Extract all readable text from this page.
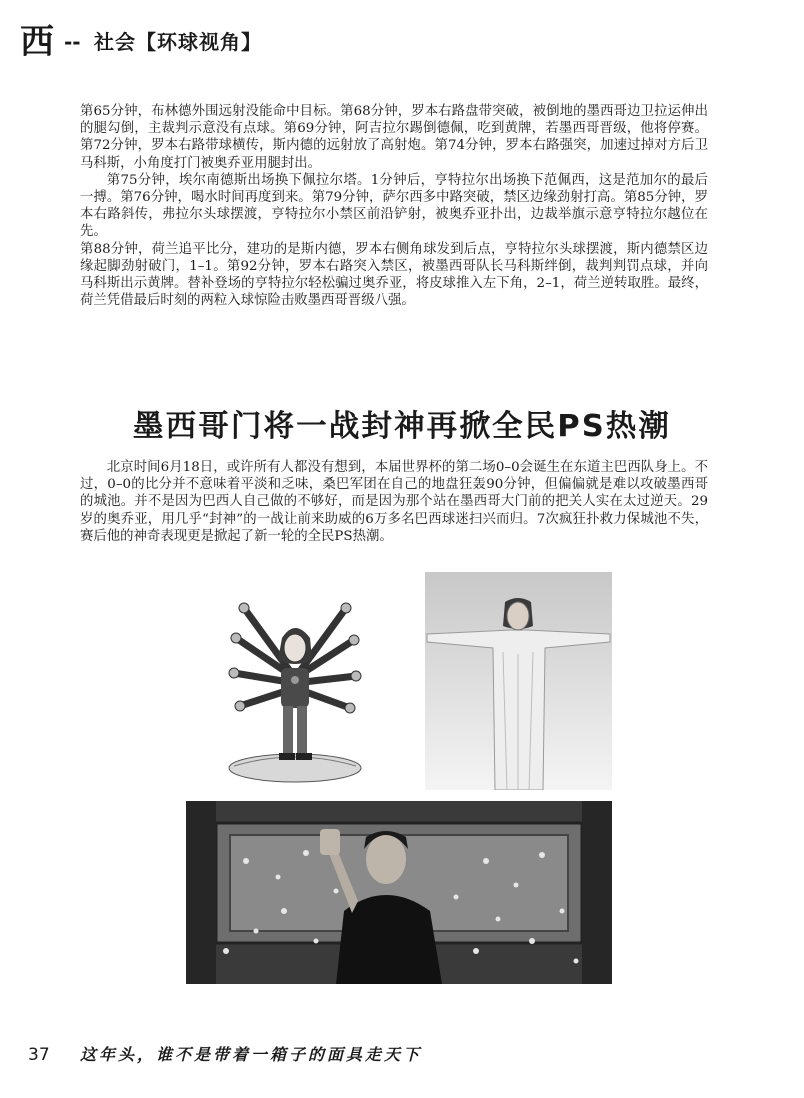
西 -- 社会【环球视角】

第65分钟，布林德外围远射没能命中目标。第68分钟，罗本右路盘带突破，被倒地的墨西哥边卫拉运伸出的腿勾倒，主裁判示意没有点球。第69分钟，阿吉拉尔踢倒德佩，吃到黄牌，若墨西哥晋级，他将停赛。第72分钟，罗本右路带球横传，斯内德的远射放了高射炮。第74分钟，罗本右路强突，加速过掉对方后卫马科斯，小角度打门被奥乔亚用腿封出。

第75分钟，埃尔南德斯出场换下佩拉尔塔。1分钟后，亨特拉尔出场换下范佩西，这是范加尔的最后一搏。第76分钟，喝水时间再度到来。第79分钟，萨尔西多中路突破，禁区边缘劲射打高。第85分钟，罗本右路斜传，弗拉尔头球摆渡，亨特拉尔小禁区前沿铲射，被奥乔亚扑出，边裁举旗示意亨特拉尔越位在先。

第88分钟，荷兰追平比分，建功的是斯内德，罗本右侧角球发到后点，亨特拉尔头球摆渡，斯内德禁区边缘起脚劲射破门，1–1。第92分钟，罗本右路突入禁区，被墨西哥队长马科斯绊倒，裁判判罚点球，并向马科斯出示黄牌。替补登场的亨特拉尔轻松骗过奥乔亚，将皮球推入左下角，2–1，荷兰逆转取胜。最终，荷兰凭借最后时刻的两粒入球惊险击败墨西哥晋级八强。

墨西哥门将一战封神再掀全民PS热潮

北京时间6月18日，或许所有人都没有想到，本届世界杯的第二场0–0会诞生在东道主巴西队身上。不过，0–0的比分并不意味着平淡和乏味，桑巴军团在自己的地盘狂轰90分钟，但偏偏就是难以攻破墨西哥的城池。并不是因为巴西人自己做的不够好，而是因为那个站在墨西哥大门前的把关人实在太过逆天。29岁的奥乔亚，用几乎“封神”的一战让前来助威的6万多名巴西球迷扫兴而归。7次疯狂扑救力保城池不失，赛后他的神奇表现更是掀起了新一轮的全民PS热潮。

37 这年头，谁不是带着一箱子的面具走天下
